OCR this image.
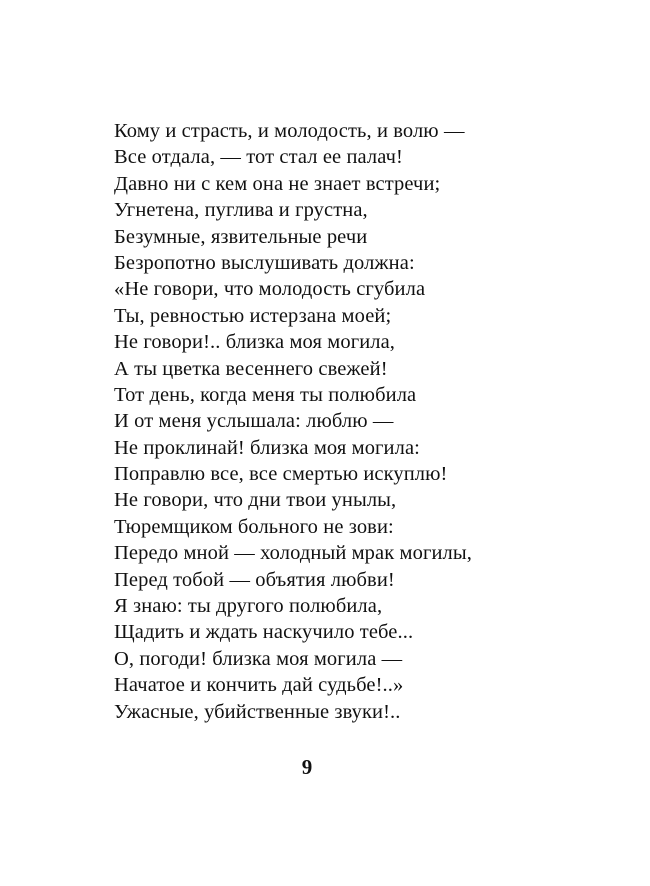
Кому и страсть, и молодость, и волю —
Все отдала, — тот стал ее палач!
Давно ни с кем она не знает встречи;
Угнетена, пуглива и грустна,
Безумные, язвительные речи
Безропотно выслушивать должна:
«Не говори, что молодость сгубила
Ты, ревностью истерзана моей;
Не говори!.. близка моя могила,
А ты цветка весеннего свежей!
Тот день, когда меня ты полюбила
И от меня услышала: люблю —
Не проклинай! близка моя могила:
Поправлю все, все смертью искуплю!
Не говори, что дни твои унылы,
Тюремщиком больного не зови:
Передо мной — холодный мрак могилы,
Перед тобой — объятия любви!
Я знаю: ты другого полюбила,
Щадить и ждать наскучило тебе...
О, погоди! близка моя могила —
Начатое и кончить дай судьбе!..»
Ужасные, убийственные звуки!..
9
